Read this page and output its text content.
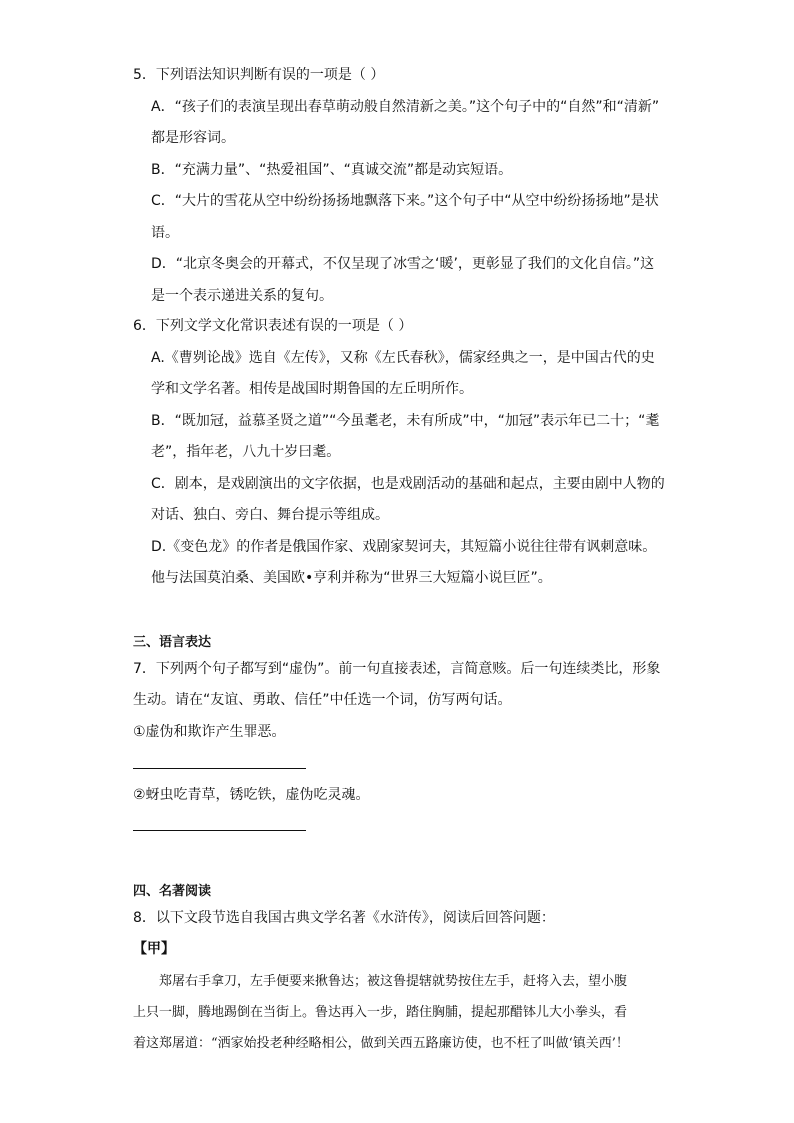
5．下列语法知识判断有误的一项是（ ）
A．“孩子们的表演呈现出春草萌动般自然清新之美。”这个句子中的“自然”和“清新”
都是形容词。
B．“充满力量”、“热爱祖国”、“真诚交流”都是动宾短语。
C．“大片的雪花从空中纷纷扬扬地飘落下来。”这个句子中“从空中纷纷扬扬地”是状
语。
D．“北京冬奥会的开幕式，不仅呈现了冰雪之‘暖’，更彰显了我们的文化自信。”这
是一个表示递进关系的复句。
6．下列文学文化常识表述有误的一项是（ ）
A.《曹刿论战》选自《左传》，又称《左氏春秋》，儒家经典之一，是中国古代的史
学和文学名著。相传是战国时期鲁国的左丘明所作。
B．“既加冠，益慕圣贤之道”“今虽耄老，未有所成”中，“加冠”表示年已二十；“耄
老”，指年老，八九十岁曰耄。
C．剧本，是戏剧演出的文字依据，也是戏剧活动的基础和起点，主要由剧中人物的
对话、独白、旁白、舞台提示等组成。
D.《变色龙》的作者是俄国作家、戏剧家契诃夫，其短篇小说往往带有讽刺意味。
他与法国莫泊桑、美国欧•亨利并称为“世界三大短篇小说巨匠”。
三、语言表达
7．下列两个句子都写到“虚伪”。前一句直接表述，言简意赅。后一句连续类比，形象
生动。请在“友谊、勇敢、信任”中任选一个词，仿写两句话。
①虚伪和欺诈产生罪恶。
②蚜虫吃青草，锈吃铁，虚伪吃灵魂。
四、名著阅读
8．以下文段节选自我国古典文学名著《水浒传》，阅读后回答问题：
【甲】
郑屠右手拿刀，左手便要来揪鲁达；被这鲁提辖就势按住左手，赶将入去，望小腹
上只一脚，腾地踢倒在当街上。鲁达再入一步，踏住胸脯，提起那醋钵儿大小拳头，看
着这郑屠道：“洒家始投老种经略相公，做到关西五路廉访使，也不枉了叫做‘镇关西’！
